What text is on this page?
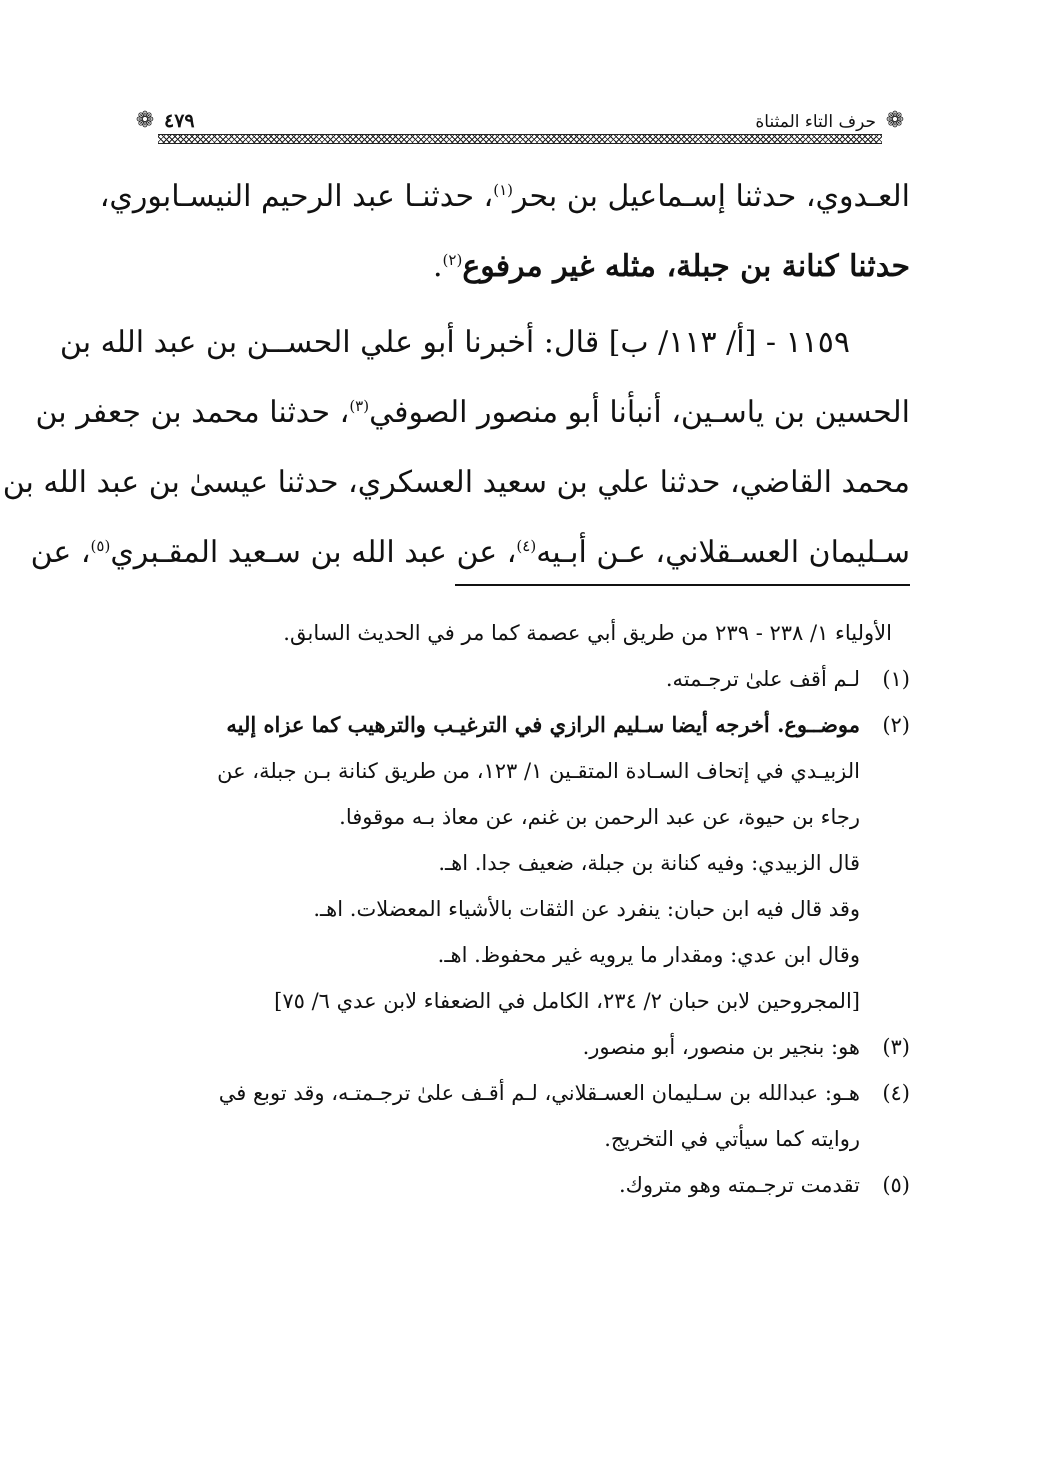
❁
حرف التاء المثناة
٤٧٩
❁
العـدوي، حدثنا إسـماعيل بن بحر$^{(١)}$، حدثنـا عبد الرحيم النيسـابوري،
حدثنا كنانة بن جبلة، مثله غير مرفوع$^{(٢)}$.
١١٥٩ - [أ/ ١١٣/ ب] قال: أخبرنا أبو علي الحســن بن عبد الله بن
الحسين بن ياسـين، أنبأنا أبو منصور الصوفي$^{(٣)}$، حدثنا محمد بن جعفر بن
محمد القاضي، حدثنا علي بن سعيد العسكري، حدثنا عيسىٰ بن عبد الله بن
سـليمان العسـقلاني، عـن أبـيه$^{(٤)}$، عن عبد الله بن سـعيد المقـبري$^{(٥)}$، عن
الأولياء ١/ ٢٣٨ - ٢٣٩ من طريق أبي عصمة كما مر في الحديث السابق.
(١)
لـم أقف علىٰ ترجـمته.
(٢)
موضــوع. أخرجه أيضا سـليم الرازي في الترغيـب والترهيب كما عزاه إليه
الزبيـدي في إتحاف السـادة المتقـين ١/ ١٢٣، من طريق كنانة بـن جبلة، عن
رجاء بن حيوة، عن عبد الرحمن بن غنم، عن معاذ بـه موقوفا.
قال الزبيدي: وفيه كنانة بن جبلة، ضعيف جدا. اهـ.
وقد قال فيه ابن حبان: ينفرد عن الثقات بالأشياء المعضلات. اهـ.
وقال ابن عدي: ومقدار ما يرويه غير محفوظ. اهـ.
[المجروحين لابن حبان ٢/ ٢٣٤، الكامل في الضعفاء لابن عدي ٦/ ٧٥]
(٣)
هو: بنجير بن منصور، أبو منصور.
(٤)
هـو: عبدالله بن سـليمان العسـقلاني، لـم أقـف علىٰ ترجـمتـه، وقد توبع في
روايته كما سيأتي في التخريج.
(٥)
تقدمت ترجـمته وهو متروك.
